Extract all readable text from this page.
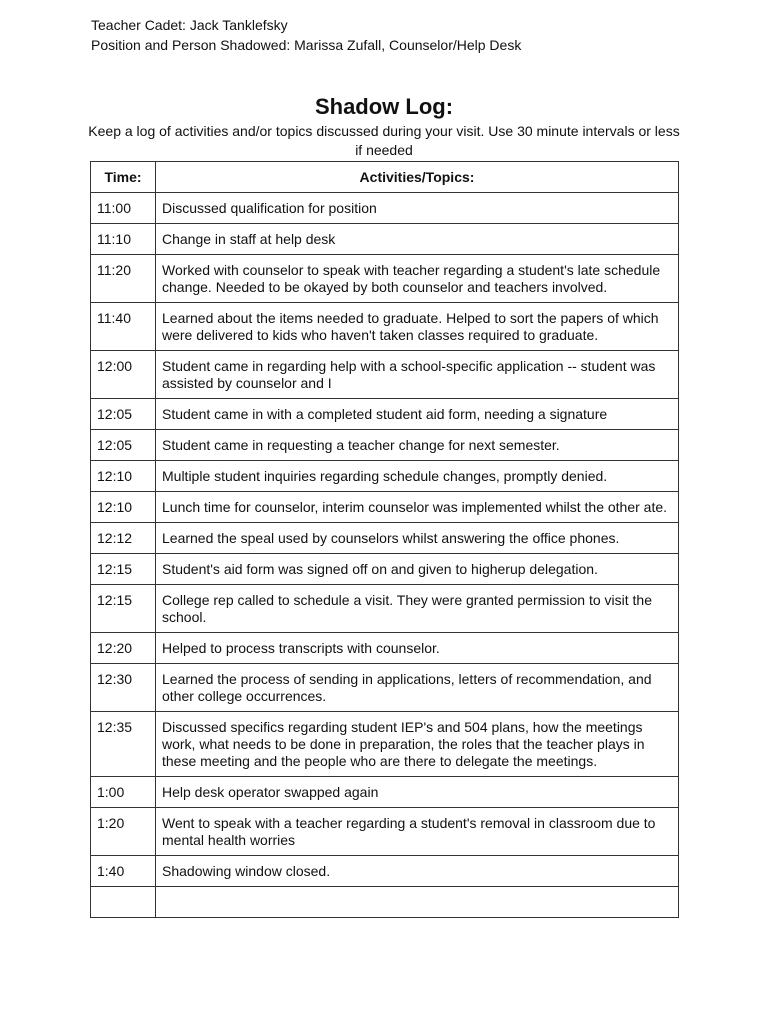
Teacher Cadet: Jack Tanklefsky
Position and Person Shadowed: Marissa Zufall, Counselor/Help Desk
Shadow Log:
Keep a log of activities and/or topics discussed during your visit. Use 30 minute intervals or less if needed
Time:	Activities/Topics:
11:00	Discussed qualification for position
11:10	Change in staff at help desk
11:20	Worked with counselor to speak with teacher regarding a student's late schedule change. Needed to be okayed by both counselor and teachers involved.
11:40	Learned about the items needed to graduate. Helped to sort the papers of which were delivered to kids who haven't taken classes required to graduate.
12:00	Student came in regarding help with a school-specific application -- student was assisted by counselor and I
12:05	Student came in with a completed student aid form, needing a signature
12:05	Student came in requesting a teacher change for next semester.
12:10	Multiple student inquiries regarding schedule changes, promptly denied.
12:10	Lunch time for counselor, interim counselor was implemented whilst the other ate.
12:12	Learned the speal used by counselors whilst answering the office phones.
12:15	Student's aid form was signed off on and given to higherup delegation.
12:15	College rep called to schedule a visit. They were granted permission to visit the school.
12:20	Helped to process transcripts with counselor.
12:30	Learned the process of sending in applications, letters of recommendation, and other college occurrences.
12:35	Discussed specifics regarding student IEP's and 504 plans, how the meetings work, what needs to be done in preparation, the roles that the teacher plays in these meeting and the people who are there to delegate the meetings.
1:00	Help desk operator swapped again
1:20	Went to speak with a teacher regarding a student's removal in classroom due to mental health worries
1:40	Shadowing window closed.
